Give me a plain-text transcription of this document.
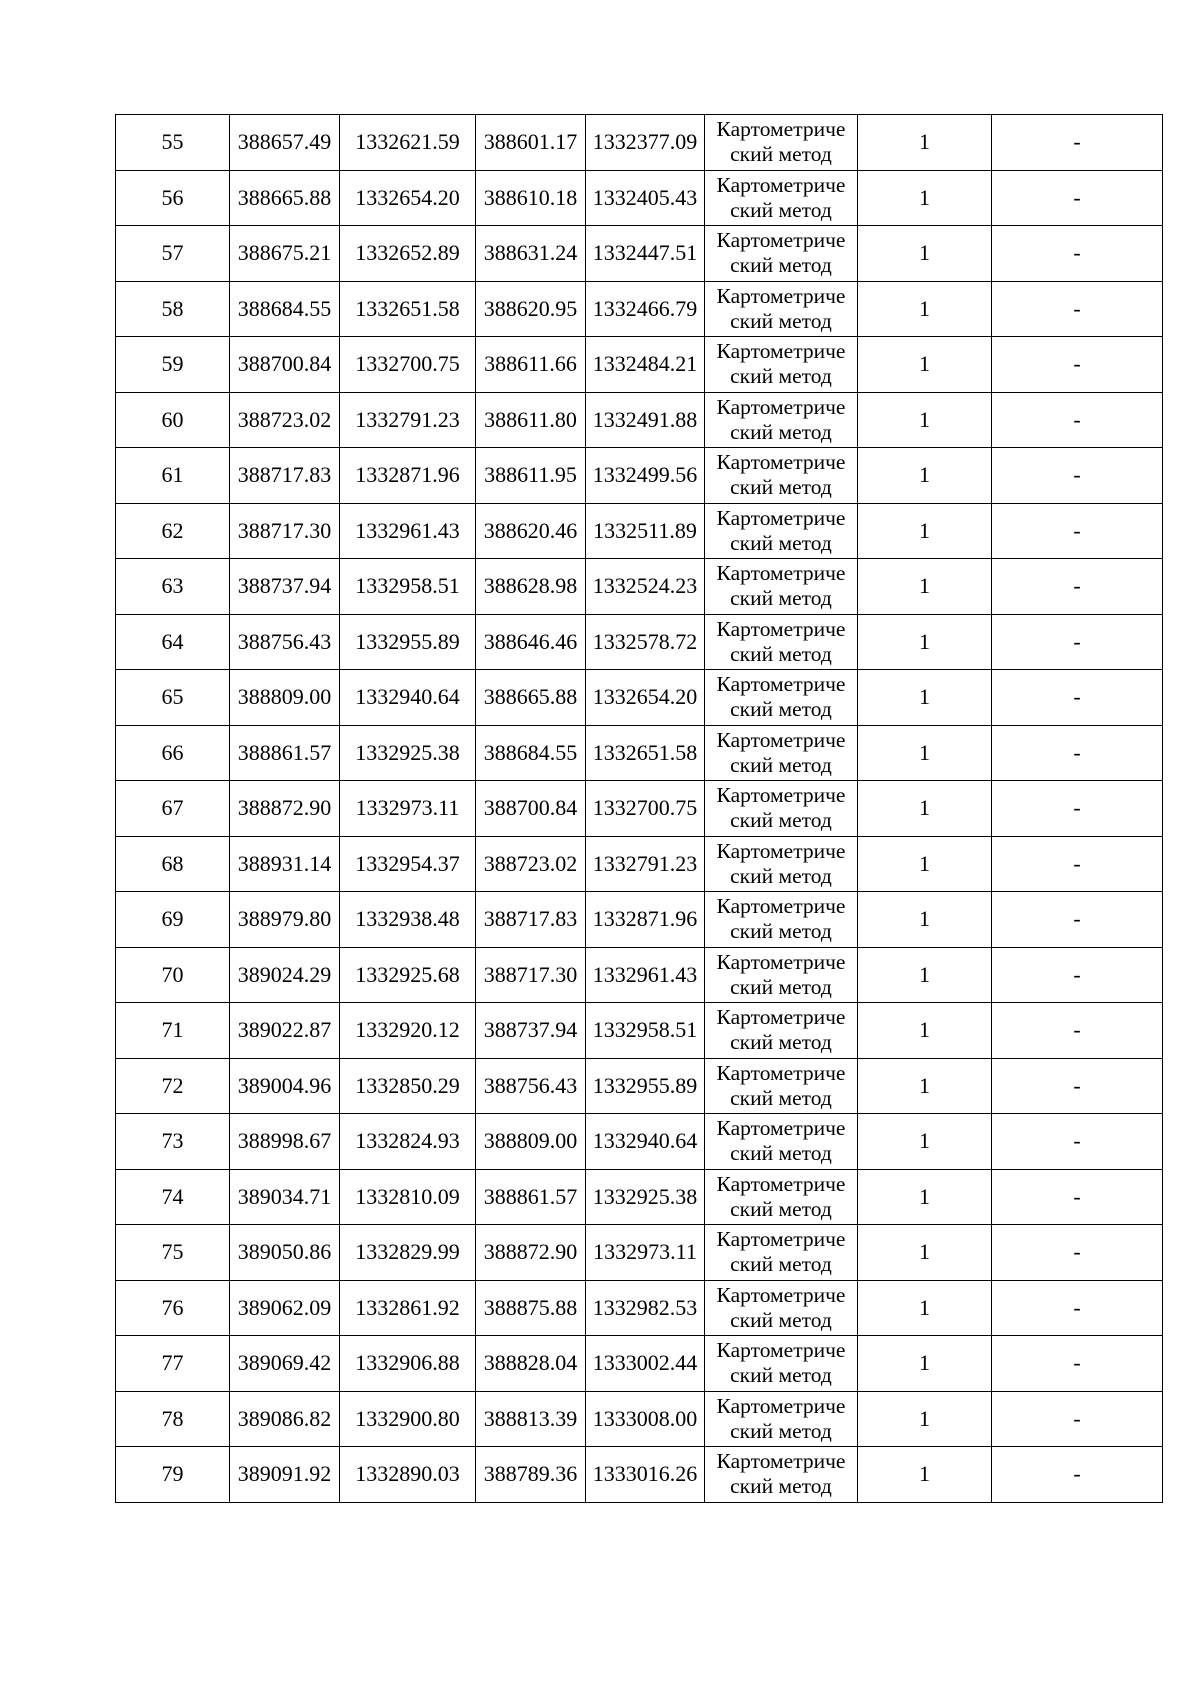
55	388657.49	1332621.59	388601.17	1332377.09	Картометриче
ский метод	1	-
56	388665.88	1332654.20	388610.18	1332405.43	Картометриче
ский метод	1	-
57	388675.21	1332652.89	388631.24	1332447.51	Картометриче
ский метод	1	-
58	388684.55	1332651.58	388620.95	1332466.79	Картометриче
ский метод	1	-
59	388700.84	1332700.75	388611.66	1332484.21	Картометриче
ский метод	1	-
60	388723.02	1332791.23	388611.80	1332491.88	Картометриче
ский метод	1	-
61	388717.83	1332871.96	388611.95	1332499.56	Картометриче
ский метод	1	-
62	388717.30	1332961.43	388620.46	1332511.89	Картометриче
ский метод	1	-
63	388737.94	1332958.51	388628.98	1332524.23	Картометриче
ский метод	1	-
64	388756.43	1332955.89	388646.46	1332578.72	Картометриче
ский метод	1	-
65	388809.00	1332940.64	388665.88	1332654.20	Картометриче
ский метод	1	-
66	388861.57	1332925.38	388684.55	1332651.58	Картометриче
ский метод	1	-
67	388872.90	1332973.11	388700.84	1332700.75	Картометриче
ский метод	1	-
68	388931.14	1332954.37	388723.02	1332791.23	Картометриче
ский метод	1	-
69	388979.80	1332938.48	388717.83	1332871.96	Картометриче
ский метод	1	-
70	389024.29	1332925.68	388717.30	1332961.43	Картометриче
ский метод	1	-
71	389022.87	1332920.12	388737.94	1332958.51	Картометриче
ский метод	1	-
72	389004.96	1332850.29	388756.43	1332955.89	Картометриче
ский метод	1	-
73	388998.67	1332824.93	388809.00	1332940.64	Картометриче
ский метод	1	-
74	389034.71	1332810.09	388861.57	1332925.38	Картометриче
ский метод	1	-
75	389050.86	1332829.99	388872.90	1332973.11	Картометриче
ский метод	1	-
76	389062.09	1332861.92	388875.88	1332982.53	Картометриче
ский метод	1	-
77	389069.42	1332906.88	388828.04	1333002.44	Картометриче
ский метод	1	-
78	389086.82	1332900.80	388813.39	1333008.00	Картометриче
ский метод	1	-
79	389091.92	1332890.03	388789.36	1333016.26	Картометриче
ский метод	1	-
